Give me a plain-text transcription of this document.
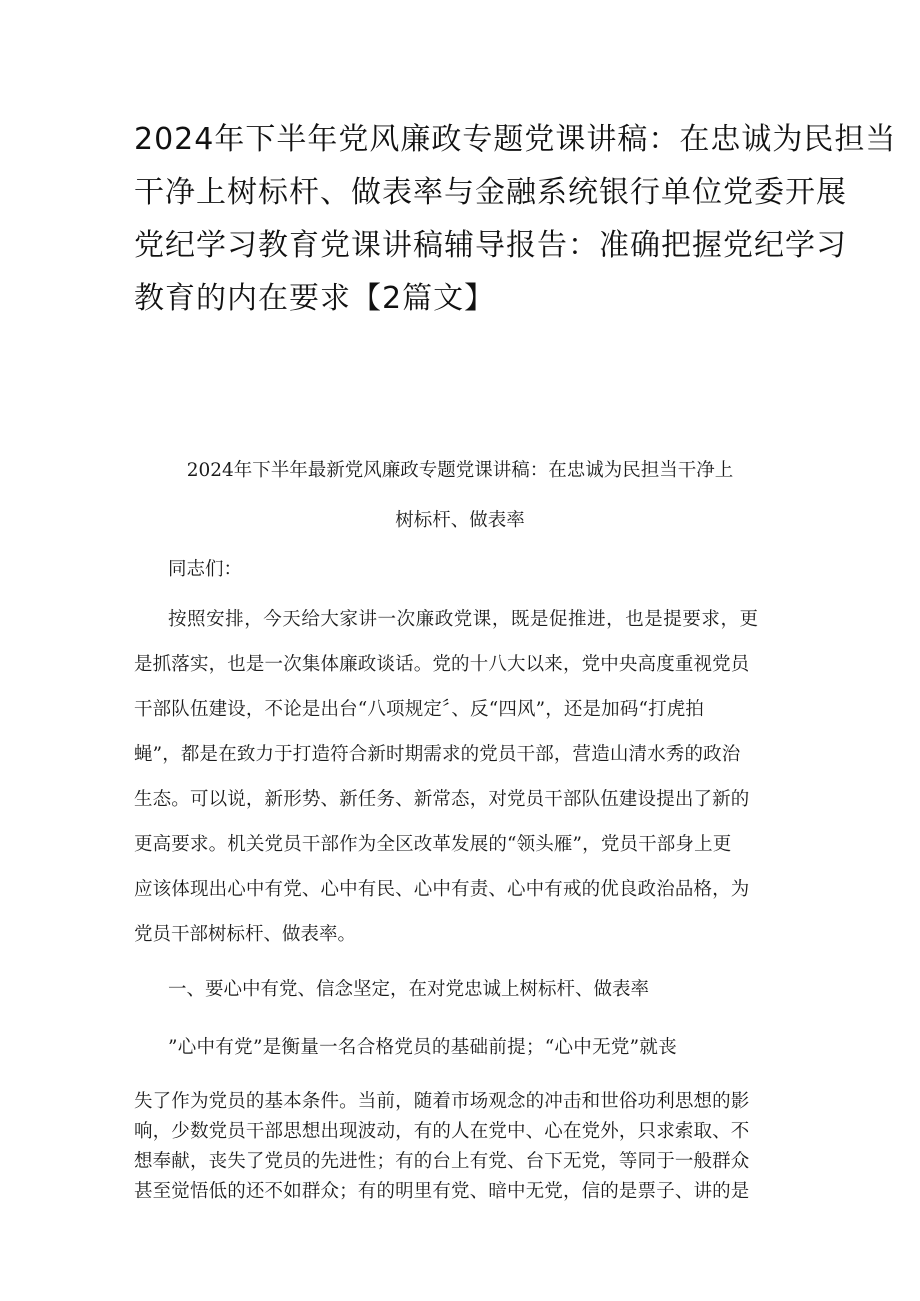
2024年下半年党风廉政专题党课讲稿：在忠诚为民担当
干净上树标杆、做表率与金融系统银行单位党委开展
党纪学习教育党课讲稿辅导报告：准确把握党纪学习
教育的内在要求【2篇文】
2024年下半年最新党风廉政专题党课讲稿：在忠诚为民担当干净上
树标杆、做表率
同志们：
按照安排，今天给大家讲一次廉政党课，既是促推进，也是提要求，更
是抓落实，也是一次集体廉政谈话。党的十八大以来，党中央高度重视党员
干部队伍建设，不论是出台“八项规定〞、反“四风”，还是加码“打虎拍
蝇”，都是在致力于打造符合新时期需求的党员干部，营造山清水秀的政治
生态。可以说，新形势、新任务、新常态，对党员干部队伍建设提出了新的
更高要求。机关党员干部作为全区改革发展的“领头雁”，党员干部身上更
应该体现出心中有党、心中有民、心中有责、心中有戒的优良政治品格，为
党员干部树标杆、做表率。
一、要心中有党、信念坚定，在对党忠诚上树标杆、做表率
”心中有党”是衡量一名合格党员的基础前提；“心中无党”就丧
失了作为党员的基本条件。当前，随着市场观念的冲击和世俗功利思想的影
响，少数党员干部思想出现波动，有的人在党中、心在党外，只求索取、不
想奉献，丧失了党员的先进性；有的台上有党、台下无党，等同于一般群众
甚至觉悟低的还不如群众；有的明里有党、暗中无党，信的是票子、讲的是
